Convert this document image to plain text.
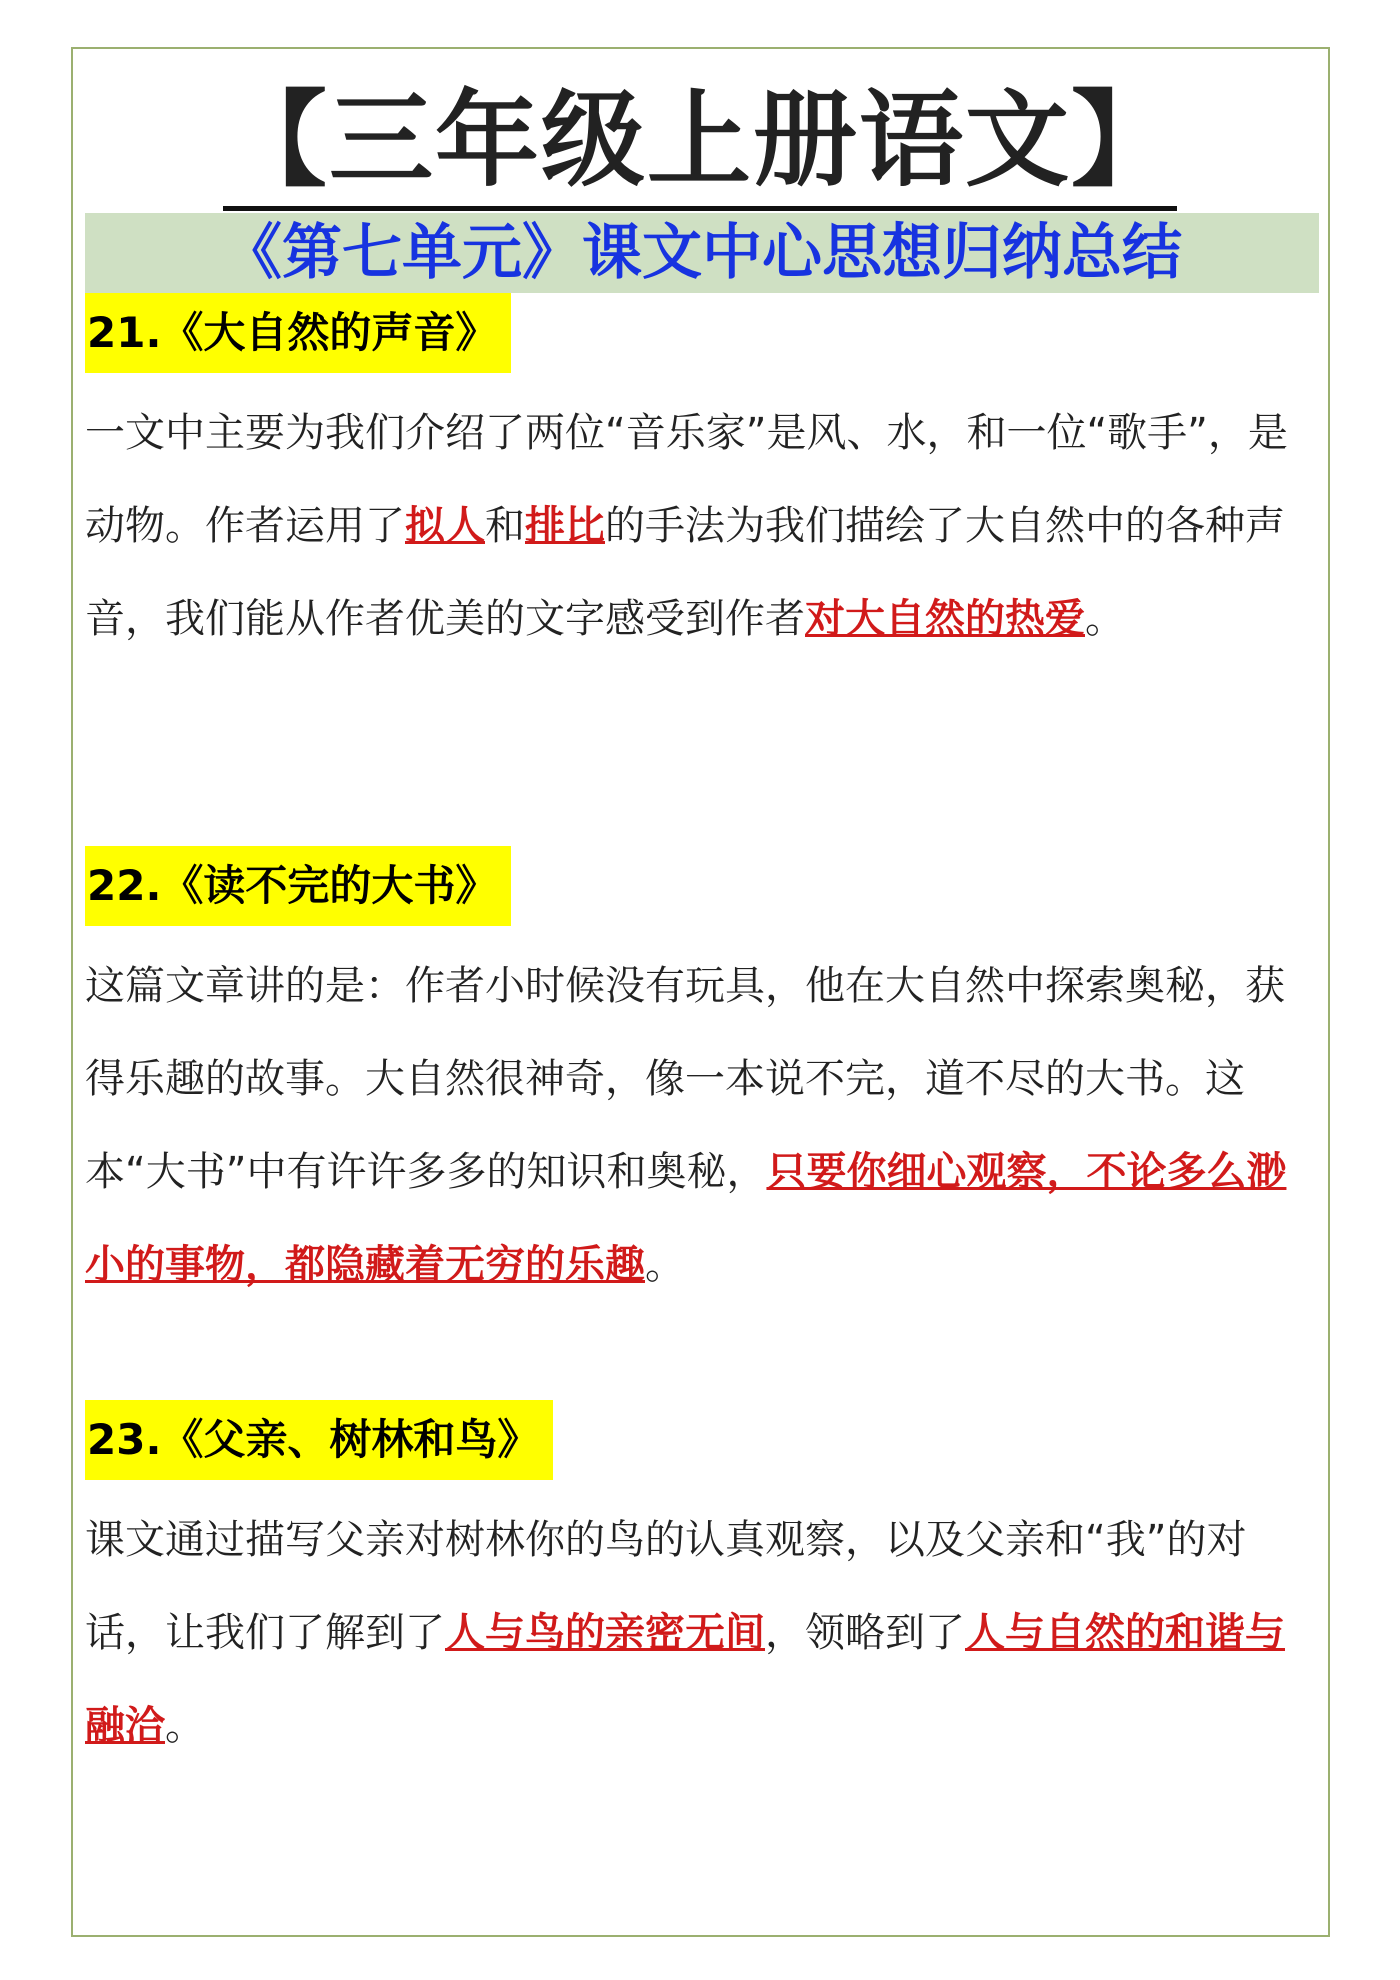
【三年级上册语文】
《第七单元》课文中心思想归纳总结
21.《大自然的声音》
一文中主要为我们介绍了两位“音乐家”是风、水，和一位“歌手”，是动物。作者运用了拟人和排比的手法为我们描绘了大自然中的各种声音，我们能从作者优美的文字感受到作者对大自然的热爱。
22.《读不完的大书》
这篇文章讲的是：作者小时候没有玩具，他在大自然中探索奥秘，获得乐趣的故事。大自然很神奇，像一本说不完，道不尽的大书。这本“大书”中有许许多多的知识和奥秘，只要你细心观察，不论多么渺小的事物，都隐藏着无穷的乐趣。
23.《父亲、树林和鸟》
课文通过描写父亲对树林你的鸟的认真观察，以及父亲和“我”的对话，让我们了解到了人与鸟的亲密无间，领略到了人与自然的和谐与融洽。
